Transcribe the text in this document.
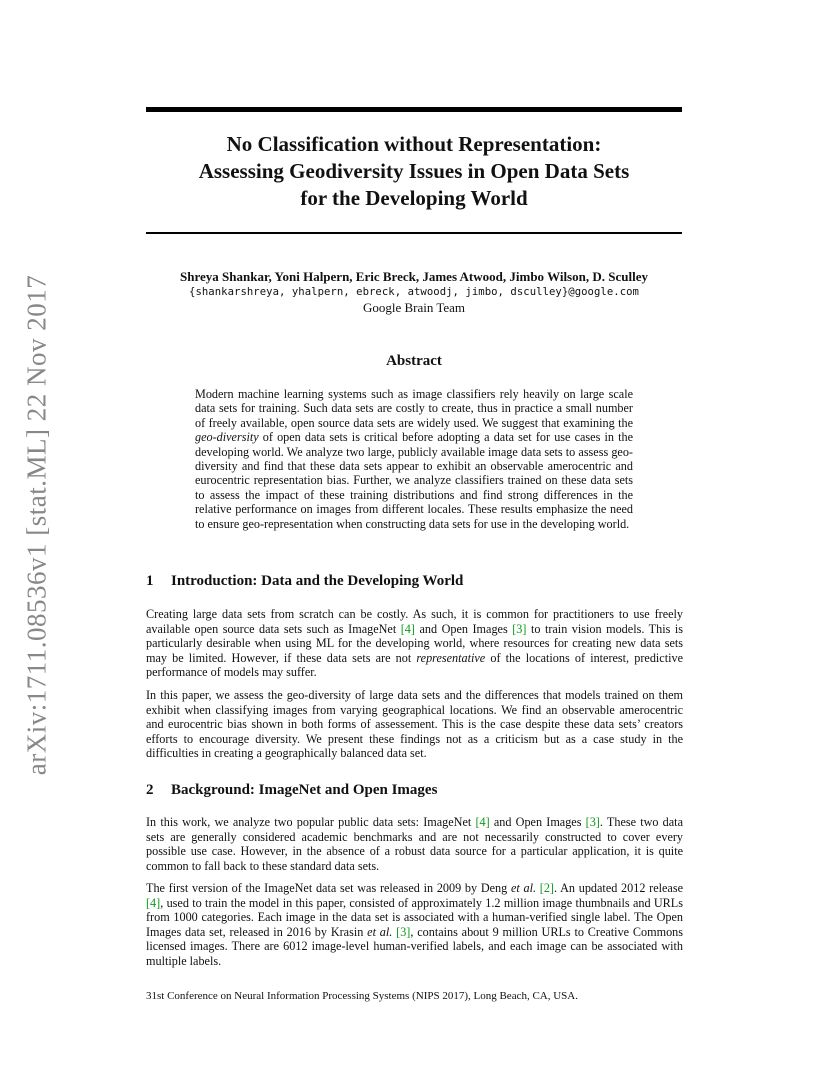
arXiv:1711.08536v1 [stat.ML] 22 Nov 2017
No Classification without Representation:
Assessing Geodiversity Issues in Open Data Sets
for the Developing World
Shreya Shankar, Yoni Halpern, Eric Breck, James Atwood, Jimbo Wilson, D. Sculley
{shankarshreya, yhalpern, ebreck, atwoodj, jimbo, dsculley}@google.com
Google Brain Team
Abstract
Modern machine learning systems such as image classifiers rely heavily on large scale data sets for training. Such data sets are costly to create, thus in practice a small number of freely available, open source data sets are widely used. We suggest that examining the geo-diversity of open data sets is critical before adopting a data set for use cases in the developing world. We analyze two large, publicly available image data sets to assess geo-diversity and find that these data sets appear to exhibit an observable amerocentric and eurocentric representation bias. Further, we analyze classifiers trained on these data sets to assess the impact of these training distributions and find strong differences in the relative performance on images from different locales. These results emphasize the need to ensure geo-representation when constructing data sets for use in the developing world.
1 Introduction: Data and the Developing World
Creating large data sets from scratch can be costly. As such, it is common for practitioners to use freely available open source data sets such as ImageNet [4] and Open Images [3] to train vision models. This is particularly desirable when using ML for the developing world, where resources for creating new data sets may be limited. However, if these data sets are not representative of the locations of interest, predictive performance of models may suffer.
In this paper, we assess the geo-diversity of large data sets and the differences that models trained on them exhibit when classifying images from varying geographical locations. We find an observable amerocentric and eurocentric bias shown in both forms of assessement. This is the case despite these data sets’ creators efforts to encourage diversity. We present these findings not as a criticism but as a case study in the difficulties in creating a geographically balanced data set.
2 Background: ImageNet and Open Images
In this work, we analyze two popular public data sets: ImageNet [4] and Open Images [3]. These two data sets are generally considered academic benchmarks and are not necessarily constructed to cover every possible use case. However, in the absence of a robust data source for a particular application, it is quite common to fall back to these standard data sets.
The first version of the ImageNet data set was released in 2009 by Deng et al. [2]. An updated 2012 release [4], used to train the model in this paper, consisted of approximately 1.2 million image thumbnails and URLs from 1000 categories. Each image in the data set is associated with a human-verified single label. The Open Images data set, released in 2016 by Krasin et al. [3], contains about 9 million URLs to Creative Commons licensed images. There are 6012 image-level human-verified labels, and each image can be associated with multiple labels.
31st Conference on Neural Information Processing Systems (NIPS 2017), Long Beach, CA, USA.
